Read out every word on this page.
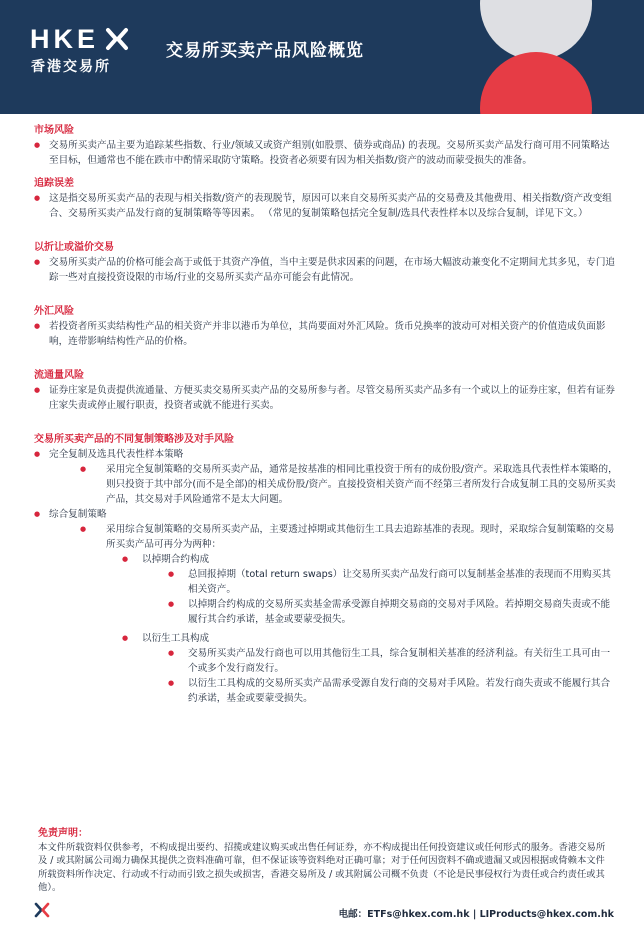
HKE
香港交易所
交易所买卖产品风险概览
市场风险
● 交易所买卖产品主要为追踪某些指数、行业/领域又或资产组别(如股票、债券或商品) 的表现。交易所买卖产品发行商可用不同策略达至目标，但通常也不能在跌市中酌情采取防守策略。投资者必须要有因为相关指数/资产的波动而蒙受损失的准备。
追踪误差
● 这是指交易所买卖产品的表现与相关指数/资产的表现脱节，原因可以来自交易所买卖产品的交易费及其他费用、相关指数/资产改变组合、交易所买卖产品发行商的复制策略等等因素。 （常见的复制策略包括完全复制/选具代表性样本以及综合复制，详见下文。）
以折让或溢价交易
● 交易所买卖产品的价格可能会高于或低于其资产净值，当中主要是供求因素的问题，在市场大幅波动兼变化不定期间尤其多见，专门追踪一些对直接投资设限的市场/行业的交易所买卖产品亦可能会有此情况。
外汇风险
● 若投资者所买卖结构性产品的相关资产并非以港币为单位，其尚要面对外汇风险。货币兑换率的波动可对相关资产的价值造成负面影响，连带影响结构性产品的价格。
流通量风险
● 证券庄家是负责提供流通量、方便买卖交易所买卖产品的交易所参与者。尽管交易所买卖产品多有一个或以上的证券庄家，但若有证券庄家失责或停止履行职责，投资者或就不能进行买卖。
交易所买卖产品的不同复制策略涉及对手风险
● 完全复制及选具代表性样本策略
● 采用完全复制策略的交易所买卖产品，通常是按基准的相同比重投资于所有的成份股/资产。采取选具代表性样本策略的，则只投资于其中部分(而不是全部)的相关成份股/资产。直接投资相关资产而不经第三者所发行合成复制工具的交易所买卖产品，其交易对手风险通常不是太大问题。
● 综合复制策略
● 采用综合复制策略的交易所买卖产品，主要透过掉期或其他衍生工具去追踪基准的表现。现时，采取综合复制策略的交易所买卖产品可再分为两种：
● 以掉期合约构成
● 总回报掉期（total return swaps）让交易所买卖产品发行商可以复制基金基准的表现而不用购买其相关资产。
● 以掉期合约构成的交易所买卖基金需承受源自掉期交易商的交易对手风险。若掉期交易商失责或不能履行其合约承诺，基金或要蒙受损失。
● 以衍生工具构成
● 交易所买卖产品发行商也可以用其他衍生工具，综合复制相关基准的经济利益。有关衍生工具可由一个或多个发行商发行。
● 以衍生工具构成的交易所买卖产品需承受源自发行商的交易对手风险。若发行商失责或不能履行其合约承诺，基金或要蒙受损失。
免责声明：
本文件所载资料仅供参考，不构成提出要约、招揽或建议购买或出售任何证券，亦不构成提出任何投资建议或任何形式的服务。香港交易所及 / 或其附属公司竭力确保其提供之资料准确可靠，但不保证该等资料绝对正确可靠；对于任何因资料不确或遗漏又或因根据或倚赖本文件所载资料所作决定、行动或不行动而引致之损失或损害，香港交易所及 / 或其附属公司概不负责（不论是民事侵权行为责任或合约责任或其他）。
电邮：ETFs@hkex.com.hk | LIProducts@hkex.com.hk
